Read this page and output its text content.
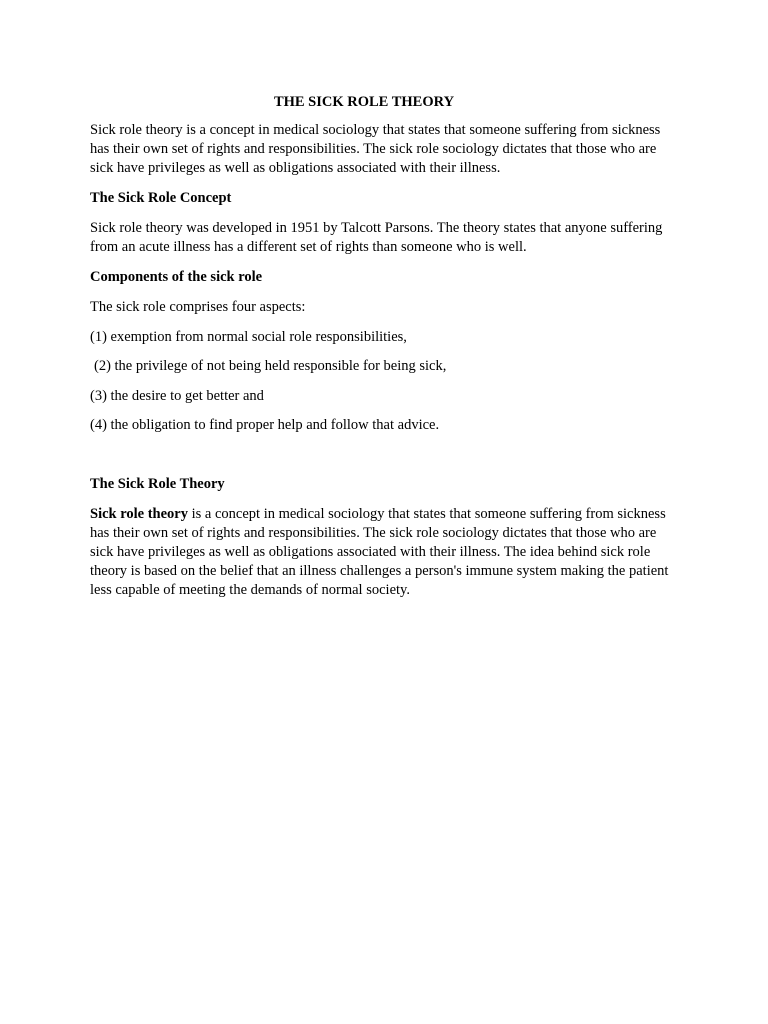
THE SICK ROLE THEORY

Sick role theory is a concept in medical sociology that states that someone suffering from sickness has their own set of rights and responsibilities. The sick role sociology dictates that those who are sick have privileges as well as obligations associated with their illness.

The Sick Role Concept

Sick role theory was developed in 1951 by Talcott Parsons. The theory states that anyone suffering from an acute illness has a different set of rights than someone who is well.

Components of the sick role

The sick role comprises four aspects:

(1) exemption from normal social role responsibilities,

(2) the privilege of not being held responsible for being sick,

(3) the desire to get better and

(4) the obligation to find proper help and follow that advice.

The Sick Role Theory

Sick role theory is a concept in medical sociology that states that someone suffering from sickness has their own set of rights and responsibilities. The sick role sociology dictates that those who are sick have privileges as well as obligations associated with their illness. The idea behind sick role theory is based on the belief that an illness challenges a person's immune system making the patient less capable of meeting the demands of normal society.
